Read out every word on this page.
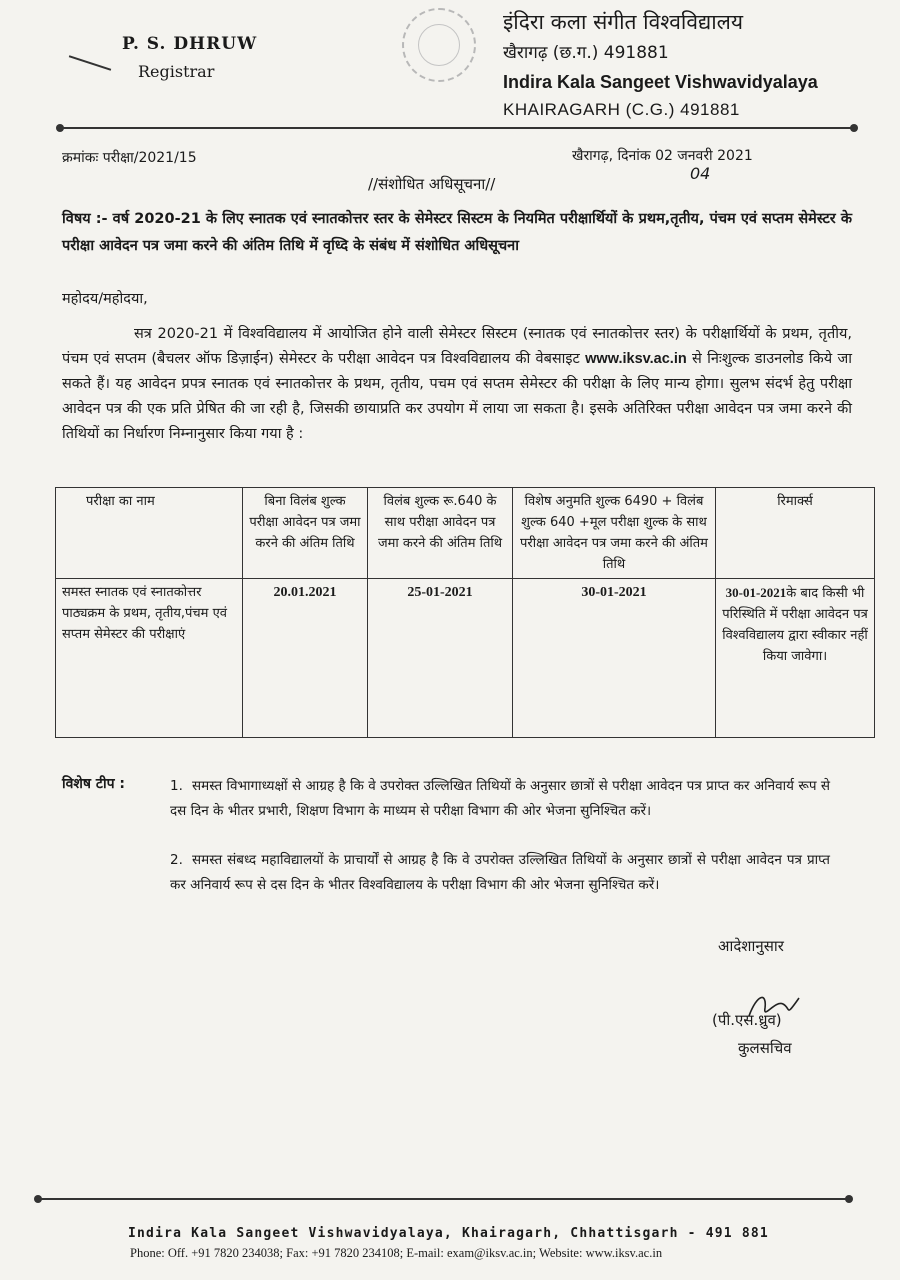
P. S. DHRUW
Registrar
इंदिरा कला संगीत विश्वविद्यालय
खैरागढ़ (छ.ग.) 491881
Indira Kala Sangeet Vishwavidyalaya
KHAIRAGARH (C.G.) 491881
क्रमांकः परीक्षा/2021/15	खैरागढ़, दिनांक 02 जनवरी 2021
04
//संशोधित अधिसूचना//
विषय :- वर्ष 2020-21 के लिए स्नातक एवं स्नातकोत्तर स्तर के सेमेस्टर सिस्टम के नियमित परीक्षार्थियों के प्रथम,तृतीय, पंचम एवं सप्तम सेमेस्टर के परीक्षा आवेदन पत्र जमा करने की अंतिम तिथि में वृध्दि के संबंध में संशोधित अधिसूचना
महोदय/महोदया,
सत्र 2020-21 में विश्वविद्यालय में आयोजित होने वाली सेमेस्टर सिस्टम (स्नातक एवं स्नातकोत्तर स्तर) के परीक्षार्थियों के प्रथम, तृतीय, पंचम एवं सप्तम (बैचलर ऑफ डिज़ाईन) सेमेस्टर के परीक्षा आवेदन पत्र विश्वविद्यालय की वेबसाइट www.iksv.ac.in से निःशुल्क डाउनलोड किये जा सकते हैं। यह आवेदन प्रपत्र स्नातक एवं स्नातकोत्तर के प्रथम, तृतीय, पचम एवं सप्तम सेमेस्टर की परीक्षा के लिए मान्य होगा। सुलभ संदर्भ हेतु परीक्षा आवेदन पत्र की एक प्रति प्रेषित की जा रही है, जिसकी छायाप्रति कर उपयोग में लाया जा सकता है। इसके अतिरिक्त परीक्षा आवेदन पत्र जमा करने की तिथियों का निर्धारण निम्नानुसार किया गया है :
परीक्षा का नाम	बिना विलंब शुल्क परीक्षा आवेदन पत्र जमा करने की अंतिम तिथि	विलंब शुल्क रू.640 के साथ परीक्षा आवेदन पत्र जमा करने की अंतिम तिथि	विशेष अनुमति शुल्क 6490 + विलंब शुल्क 640 +मूल परीक्षा शुल्क के साथ परीक्षा आवेदन पत्र जमा करने की अंतिम तिथि	रिमार्क्स
समस्त स्नातक एवं स्नातकोत्तर पाठ्यक्रम के प्रथम, तृतीय,पंचम एवं सप्तम सेमेस्टर की परीक्षाएं	20.01.2021	25-01-2021	30-01-2021	30-01-2021के बाद किसी भी परिस्थिति में परीक्षा आवेदन पत्र विश्वविद्यालय द्वारा स्वीकार नहीं किया जावेगा।
विशेष टीप :	1. समस्त विभागाध्यक्षों से आग्रह है कि वे उपरोक्त उल्लिखित तिथियों के अनुसार छात्रों से परीक्षा आवेदन पत्र प्राप्त कर अनिवार्य रूप से दस दिन के भीतर प्रभारी, शिक्षण विभाग के माध्यम से परीक्षा विभाग की ओर भेजना सुनिश्चित करें।
2. समस्त संबध्द महाविद्यालयों के प्राचार्यों से आग्रह है कि वे उपरोक्त उल्लिखित तिथियों के अनुसार छात्रों से परीक्षा आवेदन पत्र प्राप्त कर अनिवार्य रूप से दस दिन के भीतर विश्वविद्यालय के परीक्षा विभाग की ओर भेजना सुनिश्चित करें।
आदेशानुसार
(पी.एस.ध्रुव)
कुलसचिव
Indira Kala Sangeet Vishwavidyalaya, Khairagarh, Chhattisgarh - 491 881
Phone: Off. +91 7820 234038; Fax: +91 7820 234108; E-mail: exam@iksv.ac.in; Website: www.iksv.ac.in
